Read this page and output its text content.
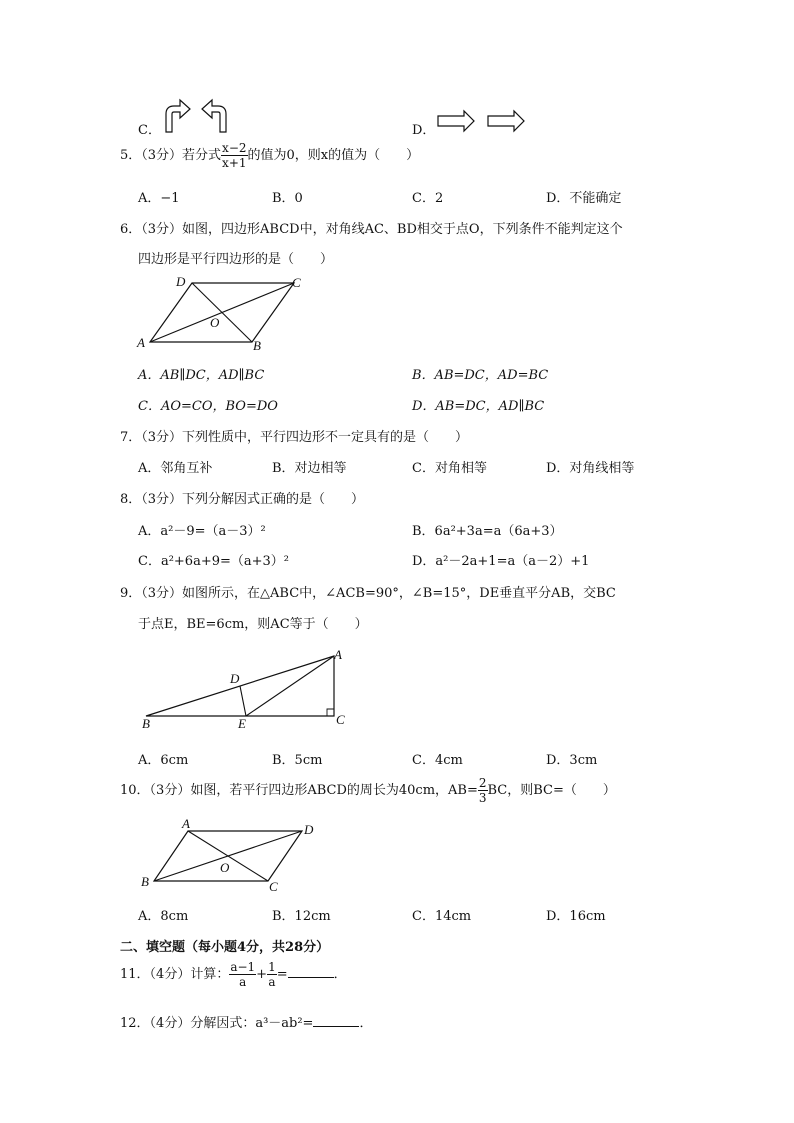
C．	D．
5．（3分）若分式 $\frac{x-2}{x+1}$ 的值为0，则x的值为（　　）
A．−1	B．0	C．2	D．不能确定
6．（3分）如图，四边形ABCD中，对角线AC、BD相交于点O，下列条件不能判定这个
四边形是平行四边形的是（　　）
A	B
C
D
O
A．AB∥DC，AD∥BC	B．AB=DC，AD=BC
C．AO=CO，BO=DO	D．AB=DC，AD∥BC
7．（3分）下列性质中，平行四边形不一定具有的是（　　）
A．邻角互补	B．对边相等	C．对角相等	D．对角线相等
8．（3分）下列分解因式正确的是（　　）
A．a²－9=（a－3）²	B．6a²+3a=a（6a+3）
C．a²+6a+9=（a+3）²	D．a²－2a+1=a（a－2）+1
9．（3分）如图所示，在△ABC中，∠ACB=90°，∠B=15°，DE垂直平分AB，交BC
于点E，BE=6cm，则AC等于（　　）
A
B	C
D
E
A．6cm	B．5cm	C．4cm	D．3cm
10．（3分）如图，若平行四边形ABCD的周长为40cm，$AB= \frac{2}{3}$ BC，则BC=（　　）
A
B	C
D
O
A．8cm	B．12cm	C．14cm	D．16cm
二、填空题（每小题4分，共28分）
11．（4分）计算： $\frac{a-1}{a} + \frac{1}{a}$ =	．
12．（4分）分解因式：a³－ab²=	．
